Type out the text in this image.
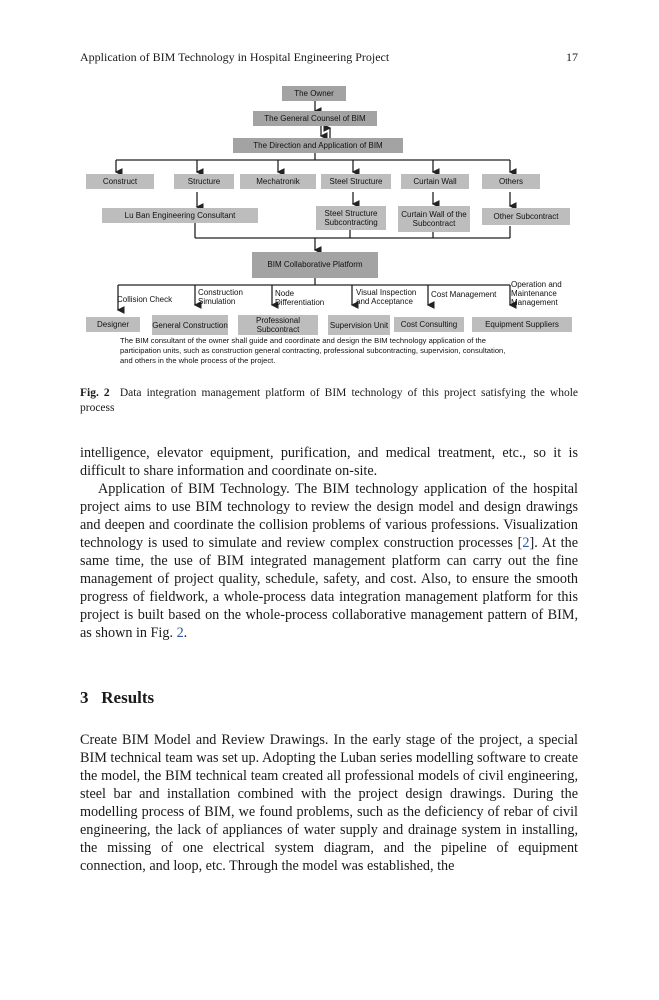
Application of BIM Technology in Hospital Engineering Project	17
The Owner
The General Counsel of BIM
The Direction and Application of BIM
Construct	Structure	Mechatronik	Steel Structure	Curtain Wall	Others
Lu Ban Engineering Consultant	Steel Structure Subcontracting
Curtain Wall of the Subcontract
Other Subcontract
BIM Collaborative Platform
Collision Check
Construction Simulation
Node Differentiation
Visual Inspection and Acceptance
Cost Management
Operation and Maintenance Management
Designer	General Construction	Professional Subcontract	Supervision Unit	Cost Consulting	Equipment Suppliers
The BIM consultant of the owner shall guide and coordinate and design the BIM technology application of the participation units, such as construction general contracting, professional subcontracting, supervision, consultation, and others in the whole process of the project.
Fig. 2 Data integration management platform of BIM technology of this project satisfying the whole process

intelligence, elevator equipment, purification, and medical treatment, etc., so it is difficult to share information and coordinate on-site.

Application of BIM Technology. The BIM technology application of the hospital project aims to use BIM technology to review the design model and design drawings and deepen and coordinate the collision problems of various professions. Visualization technology is used to simulate and review complex construction processes [2]. At the same time, the use of BIM integrated management platform can carry out the fine management of project quality, schedule, safety, and cost. Also, to ensure the smooth progress of fieldwork, a whole-process data integration management platform for this project is built based on the whole-process collaborative management pattern of BIM, as shown in Fig. 2.

3 Results

Create BIM Model and Review Drawings. In the early stage of the project, a special BIM technical team was set up. Adopting the Luban series modelling software to create the model, the BIM technical team created all professional models of civil engineering, steel bar and installation combined with the project design drawings. During the modelling process of BIM, we found problems, such as the deficiency of rebar of civil engineering, the lack of appliances of water supply and drainage system in installing, the missing of one electrical system diagram, and the pipeline of equipment connection, and loop, etc. Through the model was established, the
